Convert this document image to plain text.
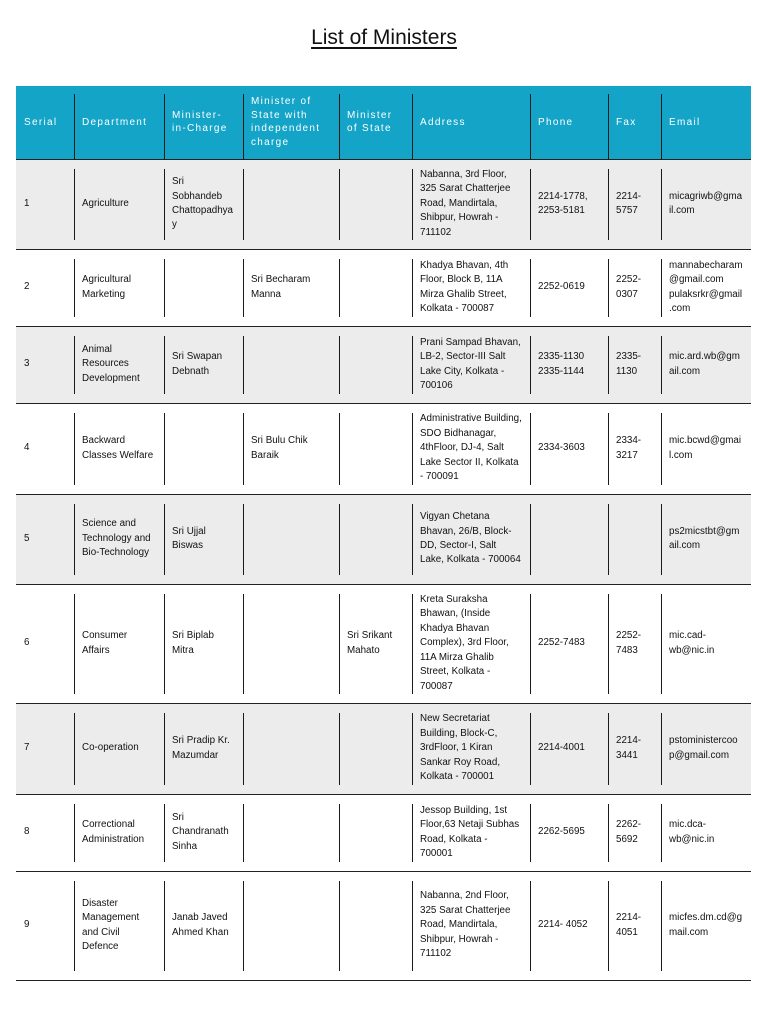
List of Ministers
Serial	Department	Minister-in-Charge	Minister of State with independent charge	Minister of State	Address	Phone	Fax	Email
1	Agriculture	Sri Sobhandeb Chattopadhyay			Nabanna, 3rd Floor, 325 Sarat Chatterjee Road, Mandirtala, Shibpur, Howrah - 711102	2214-1778, 2253-5181	2214-5757	micagriwb@gmail.com
2	Agricultural Marketing		Sri Becharam Manna		Khadya Bhavan, 4th Floor, Block B, 11A Mirza Ghalib Street, Kolkata - 700087	2252-0619	2252-0307	mannabecharam@gmail.com pulaksrkr@gmail.com
3	Animal Resources Development	Sri Swapan Debnath			Prani Sampad Bhavan, LB-2, Sector-III Salt Lake City, Kolkata - 700106	2335-1130 2335-1144	2335-1130	mic.ard.wb@gmail.com
4	Backward Classes Welfare		Sri Bulu Chik Baraik		Administrative Building, SDO Bidhanagar, 4thFloor, DJ-4, Salt Lake Sector II, Kolkata - 700091	2334-3603	2334-3217	mic.bcwd@gmail.com
5	Science and Technology and Bio-Technology	Sri Ujjal Biswas			Vigyan Chetana Bhavan, 26/B, Block-DD, Sector-I, Salt Lake, Kolkata - 700064			ps2micstbt@gmail.com
6	Consumer Affairs	Sri Biplab Mitra		Sri Srikant Mahato	Kreta Suraksha Bhawan, (Inside Khadya Bhavan Complex), 3rd Floor, 11A Mirza Ghalib Street, Kolkata - 700087	2252-7483	2252-7483	mic.cad-wb@nic.in
7	Co-operation	Sri Pradip Kr. Mazumdar			New Secretariat Building, Block-C, 3rdFloor, 1 Kiran Sankar Roy Road, Kolkata - 700001	2214-4001	2214-3441	pstoministercoop@gmail.com
8	Correctional Administration	Sri Chandranath Sinha			Jessop Building, 1st Floor,63 Netaji Subhas Road, Kolkata - 700001	2262-5695	2262-5692	mic.dca-wb@nic.in
9	Disaster Management and Civil Defence	Janab Javed Ahmed Khan			Nabanna, 2nd Floor, 325 Sarat Chatterjee Road, Mandirtala, Shibpur, Howrah - 711102	2214- 4052	2214-4051	micfes.dm.cd@gmail.com
